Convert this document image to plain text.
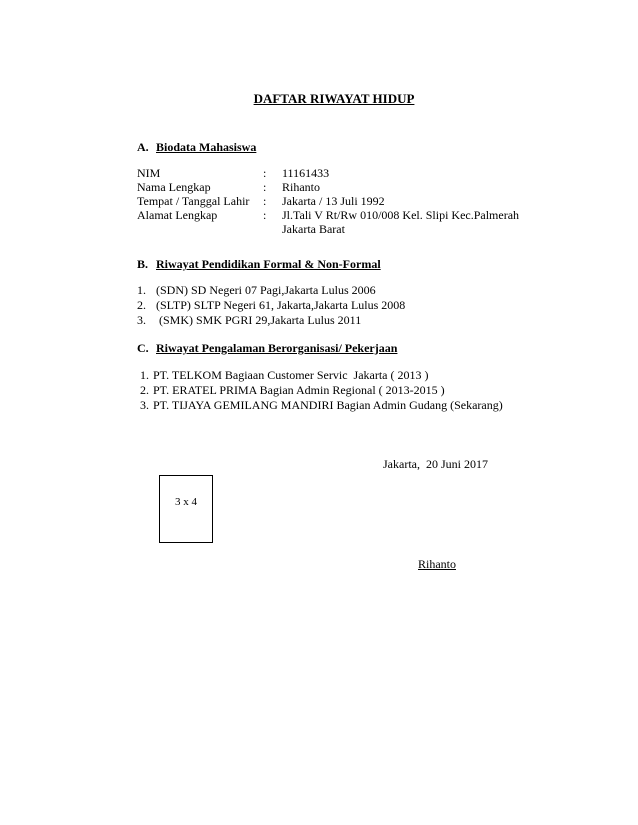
DAFTAR RIWAYAT HIDUP
A. Biodata Mahasiswa
NIM	:	11161433
Nama Lengkap	:	Rihanto
Tempat / Tanggal Lahir	:	Jakarta / 13 Juli 1992
Alamat Lengkap	:	Jl.Tali V Rt/Rw 010/008 Kel. Slipi Kec.Palmerah Jakarta Barat
B. Riwayat Pendidikan Formal & Non-Formal
1. (SDN) SD Negeri 07 Pagi,Jakarta Lulus 2006
2. (SLTP) SLTP Negeri 61, Jakarta,Jakarta Lulus 2008
3. (SMK) SMK PGRI 29,Jakarta Lulus 2011
C. Riwayat Pengalaman Berorganisasi/ Pekerjaan
1. PT. TELKOM Bagiaan Customer Servic  Jakarta ( 2013 )
2. PT. ERATEL PRIMA Bagian Admin Regional ( 2013-2015 )
3. PT. TIJAYA GEMILANG MANDIRI Bagian Admin Gudang (Sekarang)
Jakarta,  20 Juni 2017
3 x 4
Rihanto
